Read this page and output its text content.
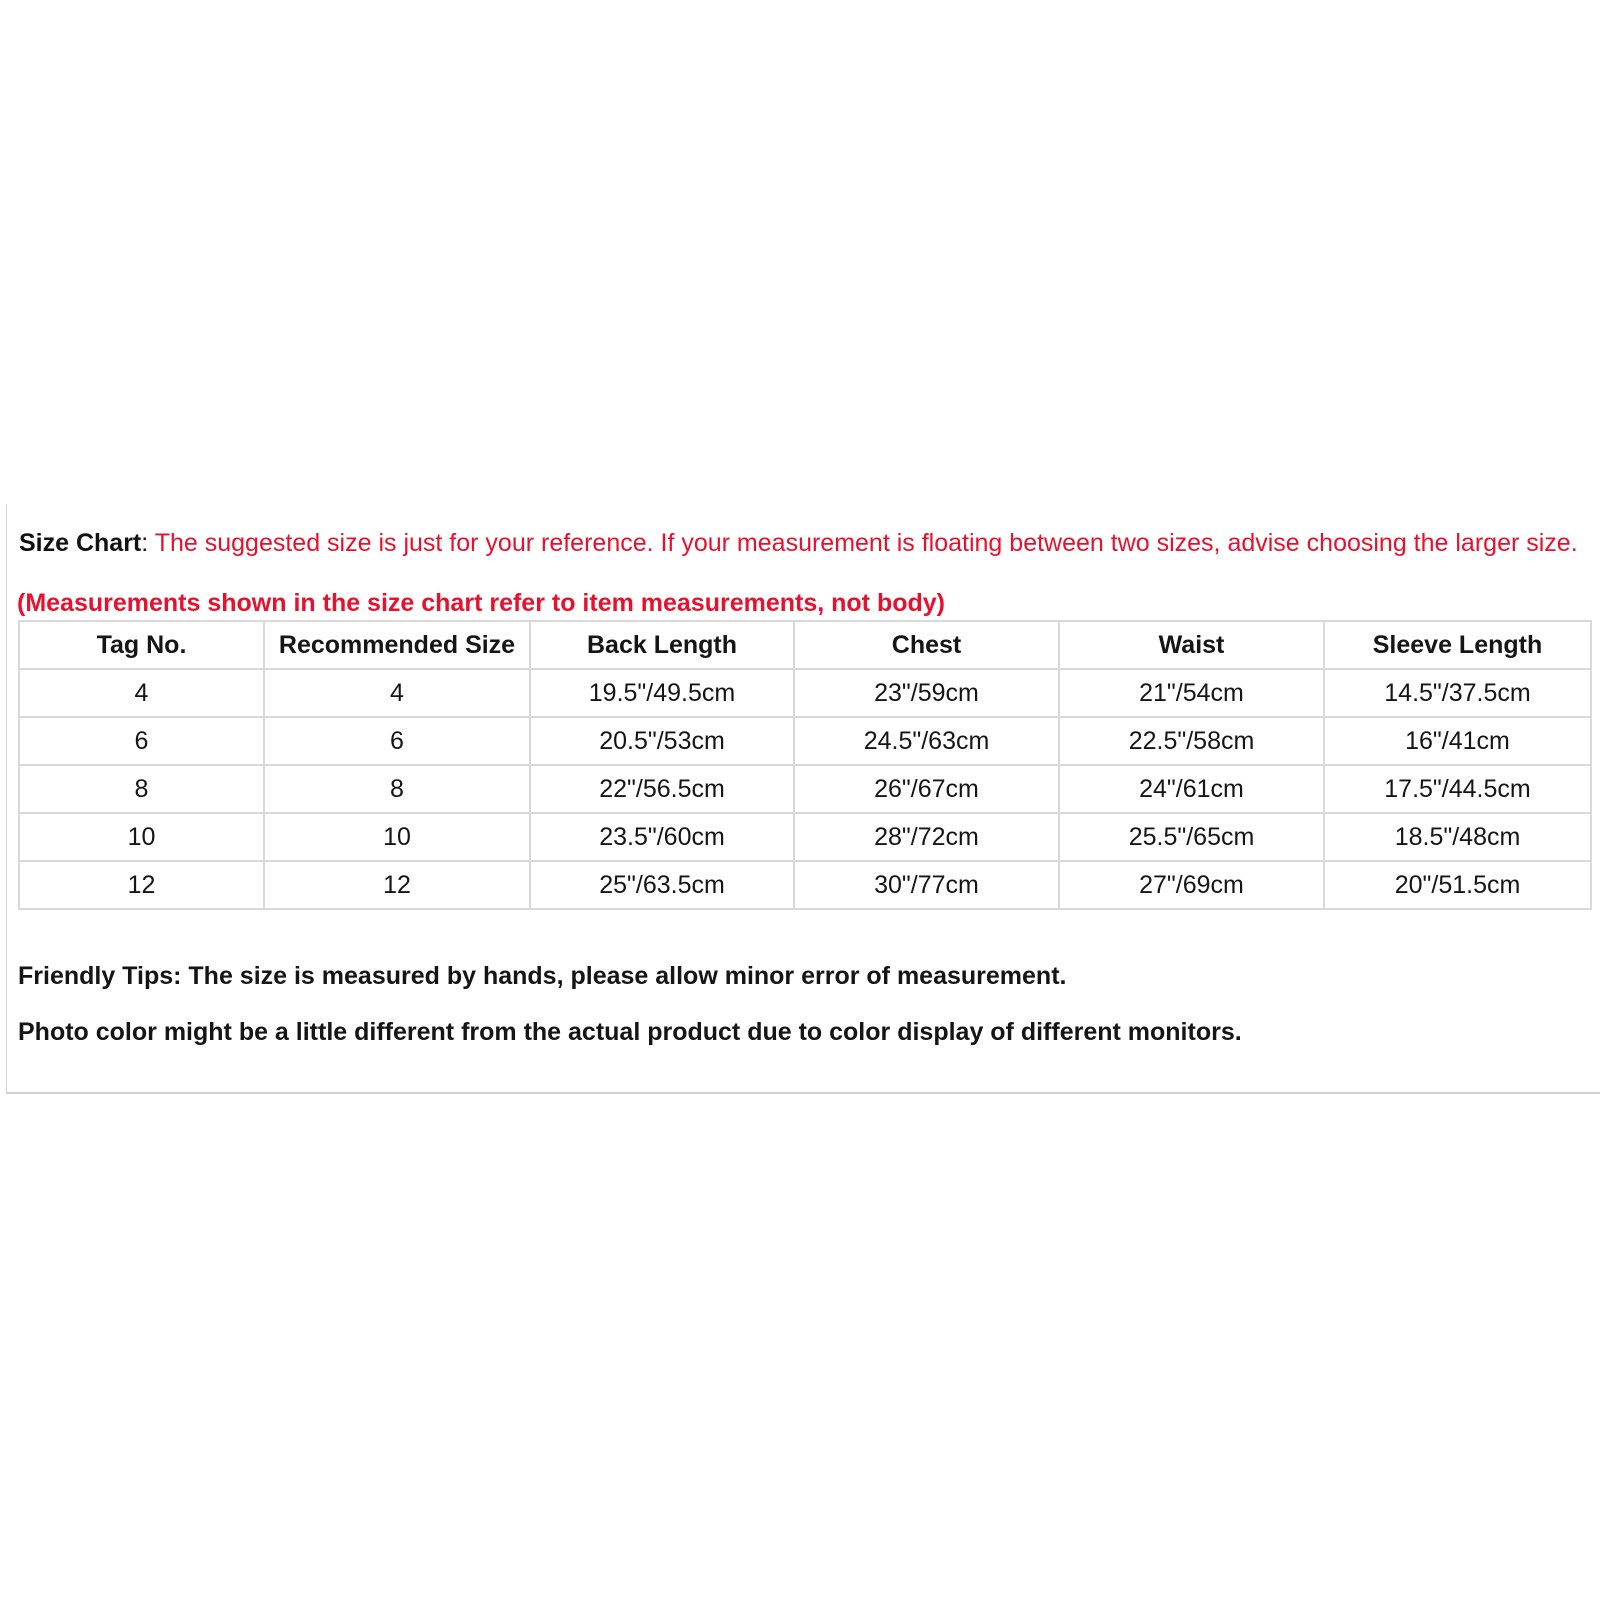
Size Chart: The suggested size is just for your reference. If your measurement is floating between two sizes, advise choosing the larger size.

(Measurements shown in the size chart refer to item measurements, not body)

Tag No.	Recommended Size	Back Length	Chest	Waist	Sleeve Length
4	4	19.5"/49.5cm	23"/59cm	21"/54cm	14.5"/37.5cm
6	6	20.5"/53cm	24.5"/63cm	22.5"/58cm	16"/41cm
8	8	22"/56.5cm	26"/67cm	24"/61cm	17.5"/44.5cm
10	10	23.5"/60cm	28"/72cm	25.5"/65cm	18.5"/48cm
12	12	25"/63.5cm	30"/77cm	27"/69cm	20"/51.5cm

Friendly Tips: The size is measured by hands, please allow minor error of measurement.

Photo color might be a little different from the actual product due to color display of different monitors.
